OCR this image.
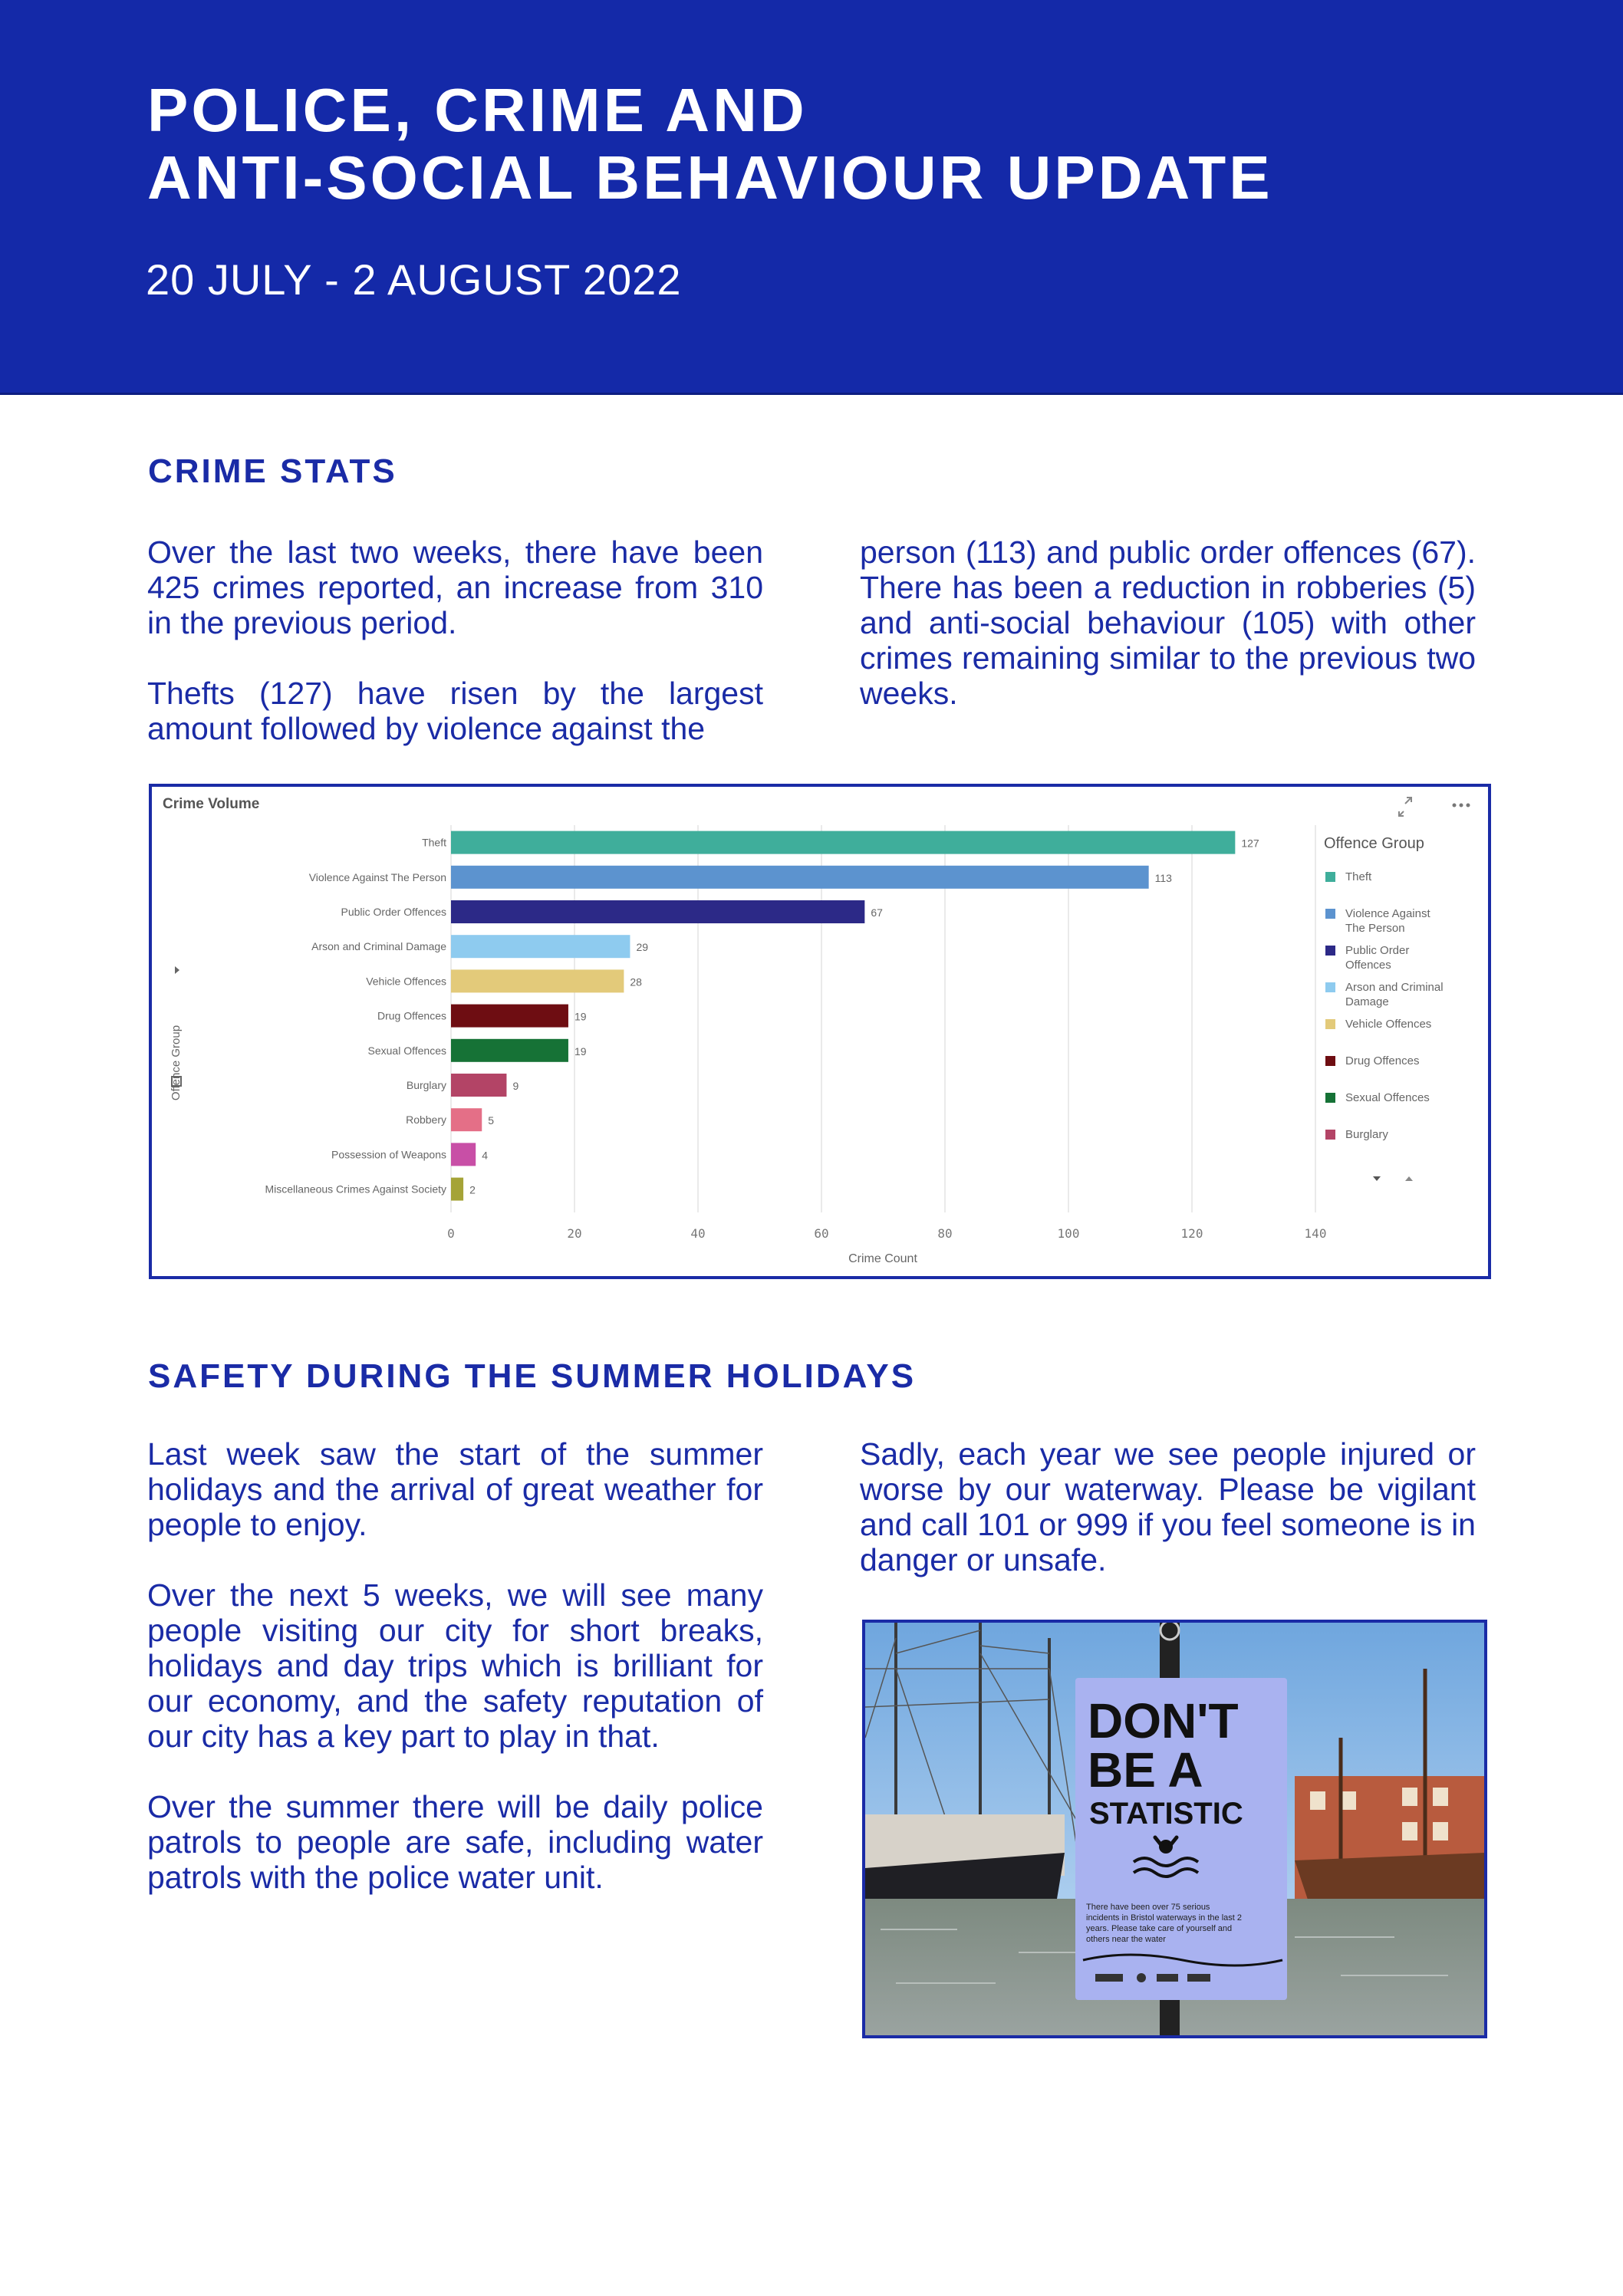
POLICE, CRIME AND
ANTI-SOCIAL BEHAVIOUR UPDATE
20 JULY - 2 AUGUST 2022
CRIME STATS

Over the last two weeks, there have been 425 crimes reported, an increase from 310 in the previous period.

Thefts (127) have risen by the largest amount followed by violence against the

Crime Volume
Offence Group
127
113
67
29
28
19
19
9
5
4
2
Theft
Violence Against The Person
Public Order Offences
Arson and Criminal Damage
Vehicle Offences
Drug Offences
Sexual Offences
Burglary
Robbery
Possession of Weapons
Miscellaneous Crimes Against Society
0	20	40	60	80	100	120	140
Crime Count
Offence Group
Theft
Violence Against
The Person
Public Order
Offences
Arson and Criminal
Damage
Vehicle Offences
Drug Offences
Sexual Offences
Burglary
SAFETY DURING THE SUMMER HOLIDAYS

Last week saw the start of the summer holidays and the arrival of great weather for people to enjoy.

Over the next 5 weeks, we will see many people visiting our city for short breaks, holidays and day trips which is brilliant for our economy, and the safety reputation of our city has a key part to play in that.

Over the summer there will be daily police patrols to people are safe, including water patrols with the police water unit.

Sadly, each year we see people injured or worse by our waterway. Please be vigilant and call 101 or 999 if you feel someone is in danger or unsafe.

DON'T
BE A
STATISTIC
There have been over 75 serious
incidents in Bristol waterways in the last 2
years. Please take care of yourself and
others near the water

person (113) and public order offences (67). There has been a reduction in robberies (5) and anti-social behaviour (105) with other crimes remaining similar to the previous two weeks.
